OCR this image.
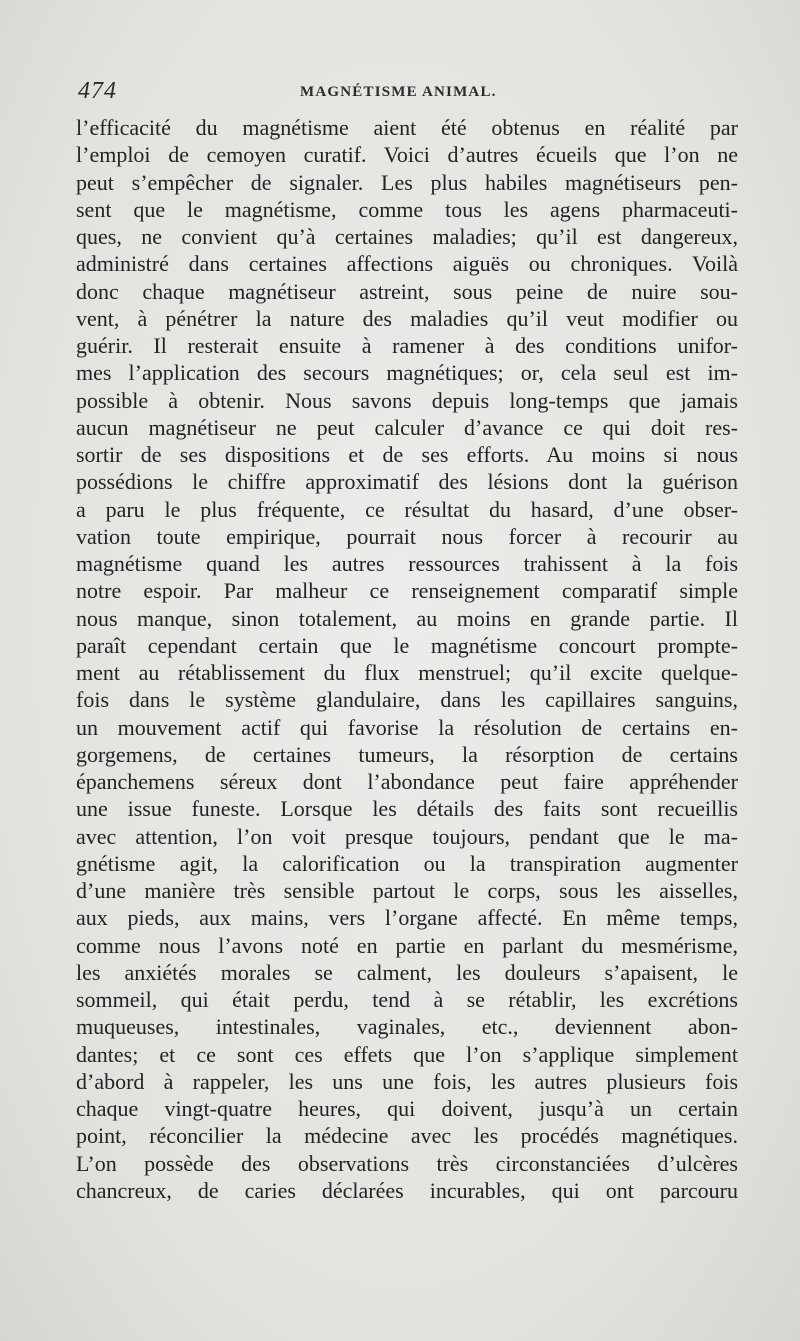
474	MAGNÉTISME ANIMAL.
l’efficacité du magnétisme aient été obtenus en réalité par
l’emploi de cemoyen curatif. Voici d’autres écueils que l’on ne
peut s’empêcher de signaler. Les plus habiles magnétiseurs pen-
sent que le magnétisme, comme tous les agens pharmaceuti-
ques, ne convient qu’à certaines maladies; qu’il est dangereux,
administré dans certaines affections aiguës ou chroniques. Voilà
donc chaque magnétiseur astreint, sous peine de nuire sou-
vent, à pénétrer la nature des maladies qu’il veut modifier ou
guérir. Il resterait ensuite à ramener à des conditions unifor-
mes l’application des secours magnétiques; or, cela seul est im-
possible à obtenir. Nous savons depuis long-temps que jamais
aucun magnétiseur ne peut calculer d’avance ce qui doit res-
sortir de ses dispositions et de ses efforts. Au moins si nous
possédions le chiffre approximatif des lésions dont la guérison
a paru le plus fréquente, ce résultat du hasard, d’une obser-
vation toute empirique, pourrait nous forcer à recourir au
magnétisme quand les autres ressources trahissent à la fois
notre espoir. Par malheur ce renseignement comparatif simple
nous manque, sinon totalement, au moins en grande partie. Il
paraît cependant certain que le magnétisme concourt prompte-
ment au rétablissement du flux menstruel; qu’il excite quelque-
fois dans le système glandulaire, dans les capillaires sanguins,
un mouvement actif qui favorise la résolution de certains en-
gorgemens, de certaines tumeurs, la résorption de certains
épanchemens séreux dont l’abondance peut faire appréhender
une issue funeste. Lorsque les détails des faits sont recueillis
avec attention, l’on voit presque toujours, pendant que le ma-
gnétisme agit, la calorification ou la transpiration augmenter
d’une manière très sensible partout le corps, sous les aisselles,
aux pieds, aux mains, vers l’organe affecté. En même temps,
comme nous l’avons noté en partie en parlant du mesmérisme,
les anxiétés morales se calment, les douleurs s’apaisent, le
sommeil, qui était perdu, tend à se rétablir, les excrétions
muqueuses, intestinales, vaginales, etc., deviennent abon-
dantes; et ce sont ces effets que l’on s’applique simplement
d’abord à rappeler, les uns une fois, les autres plusieurs fois
chaque vingt-quatre heures, qui doivent, jusqu’à un certain
point, réconcilier la médecine avec les procédés magnétiques.
L’on possède des observations très circonstanciées d’ulcères
chancreux, de caries déclarées incurables, qui ont parcouru
